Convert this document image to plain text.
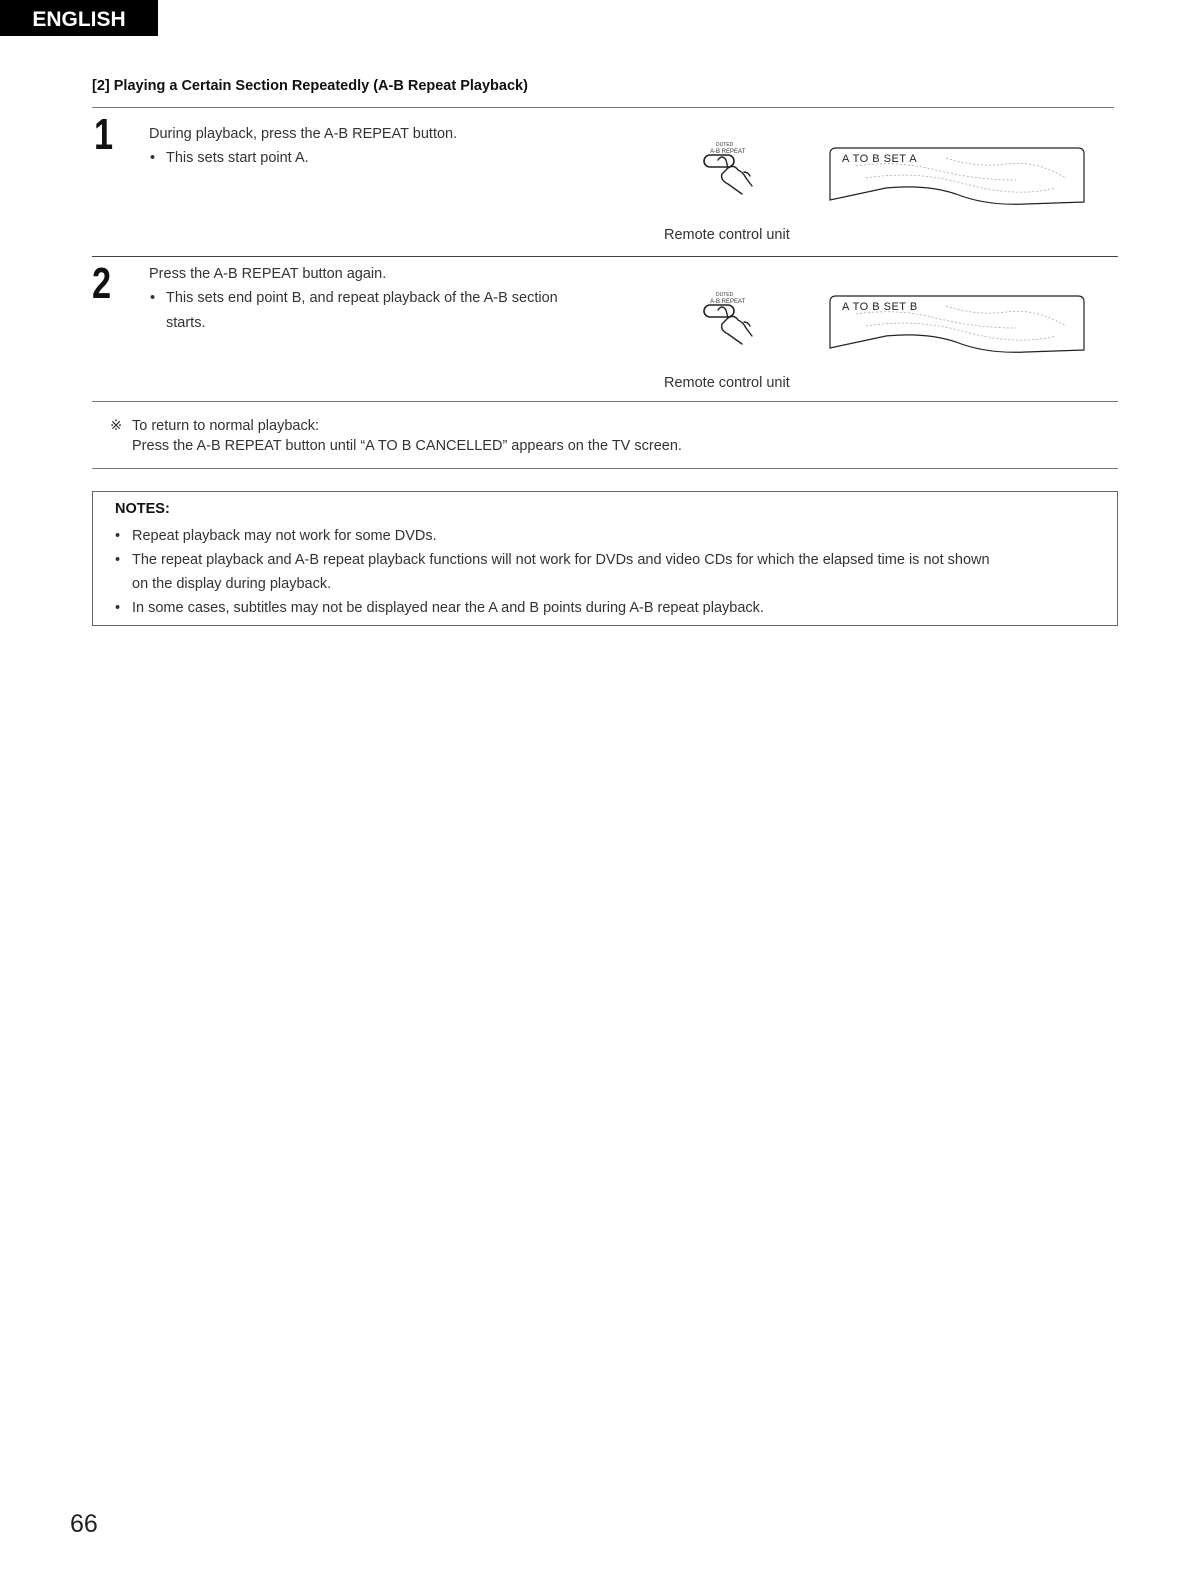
ENGLISH
[2] Playing a Certain Section Repeatedly (A-B Repeat Playback)
1 During playback, press the A-B REPEAT button.
• This sets start point A.
DUTED
A-B REPEAT
A TO B SET A
Remote control unit
2	Press the A-B REPEAT button again.
• This sets end point B, and repeat playback of the A-B section
starts.
DUTED
A-B REPEAT	A TO B SET B
Remote control unit
※ To return to normal playback:
Press the A-B REPEAT button until “A TO B CANCELLED” appears on the TV screen.
NOTES:
• Repeat playback may not work for some DVDs.
• The repeat playback and A-B repeat playback functions will not work for DVDs and video CDs for which the elapsed time is not shown
on the display during playback.
• In some cases, subtitles may not be displayed near the A and B points during A-B repeat playback.
66
